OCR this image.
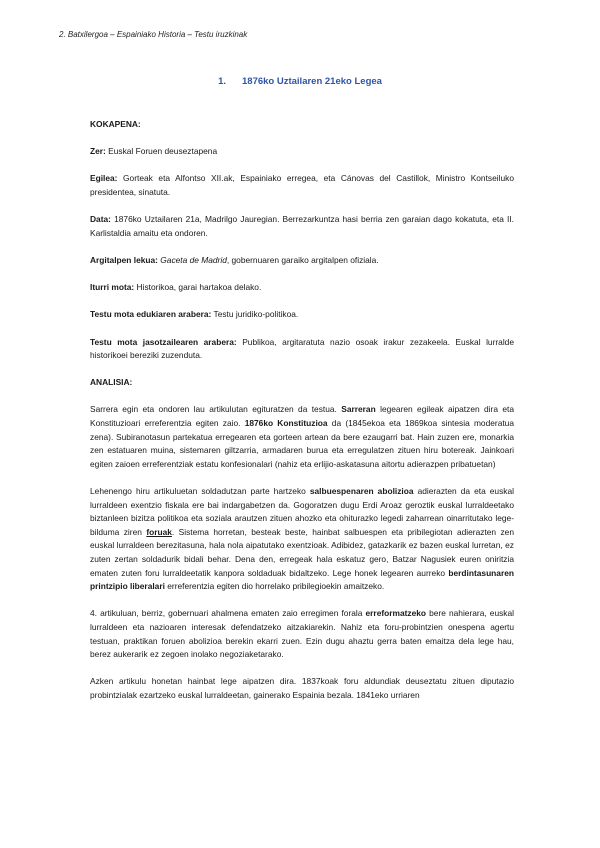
2. Batxilergoa – Espainiako Historia – Testu iruzkinak
1. 1876ko Uztailaren 21eko Legea

KOKAPENA:

Zer: Euskal Foruen deuseztapena

Egilea: Gorteak eta Alfontso XII.ak, Espainiako erregea, eta Cánovas del Castillok, Ministro Kontseiluko presidentea, sinatuta.

Data: 1876ko Uztailaren 21a, Madrilgo Jauregian. Berrezarkuntza hasi berria zen garaian dago kokatuta, eta II. Karlistaldia amaitu eta ondoren.

Argitalpen lekua: Gaceta de Madrid, gobernuaren garaiko argitalpen ofiziala.

Iturri mota: Historikoa, garai hartakoa delako.

Testu mota edukiaren arabera: Testu juridiko-politikoa.

Testu mota jasotzailearen arabera: Publikoa, argitaratuta nazio osoak irakur zezakeela. Euskal lurralde historikoei bereziki zuzenduta.

ANALISIA:

Sarrera egin eta ondoren lau artikulutan egituratzen da testua. Sarreran legearen egileak aipatzen dira eta Konstituzioari erreferentzia egiten zaio. 1876ko Konstituzioa da (1845ekoa eta 1869koa sintesia moderatua zena). Subiranotasun partekatua erregearen eta gorteen artean da bere ezaugarri bat. Hain zuzen ere, monarkia zen estatuaren muina, sistemaren giltzarria, armadaren burua eta erregulatzen zituen hiru botereak. Jainkoari egiten zaioen erreferentziak estatu konfesionalari (nahiz eta erlijio-askatasuna aitortu adierazpen pribatuetan)

Lehenengo hiru artikuluetan soldadutzan parte hartzeko salbuespenaren abolizioa adierazten da eta euskal lurraldeen exentzio fiskala ere bai indargabetzen da. Gogoratzen dugu Erdi Aroaz geroztik euskal lurraldeetako biztanleen bizitza politikoa eta soziala arautzen zituen ahozko eta ohiturazko legedi zaharrean oinarritutako lege-bilduma ziren foruak. Sistema horretan, besteak beste, hainbat salbuespen eta pribilegiotan adierazten zen euskal lurraldeen berezitasuna, hala nola aipatutako exentzioak. Adibidez, gatazkarik ez bazen euskal lurretan, ez zuten zertan soldadurik bidali behar. Dena den, erregeak hala eskatuz gero, Batzar Nagusiek euren oniritzia ematen zuten foru lurraldeetatik kanpora soldaduak bidaltzeko. Lege honek legearen aurreko berdintasunaren printzipio liberalari erreferentzia egiten dio horrelako pribilegioekin amaitzeko.

4. artikuluan, berriz, gobernuari ahalmena ematen zaio erregimen forala erreformatzeko bere nahierara, euskal lurraldeen eta nazioaren interesak defendatzeko aitzakiarekin. Nahiz eta foru-probintzien onespena agertu testuan, praktikan foruen abolizioa berekin ekarri zuen. Ezin dugu ahaztu gerra baten emaitza dela lege hau, berez aukerarik ez zegoen inolako negoziaketarako.

Azken artikulu honetan hainbat lege aipatzen dira. 1837koak foru aldundiak deuseztatu zituen diputazio probintzialak ezartzeko euskal lurraldeetan, gainerako Espainia bezala. 1841eko urriaren
